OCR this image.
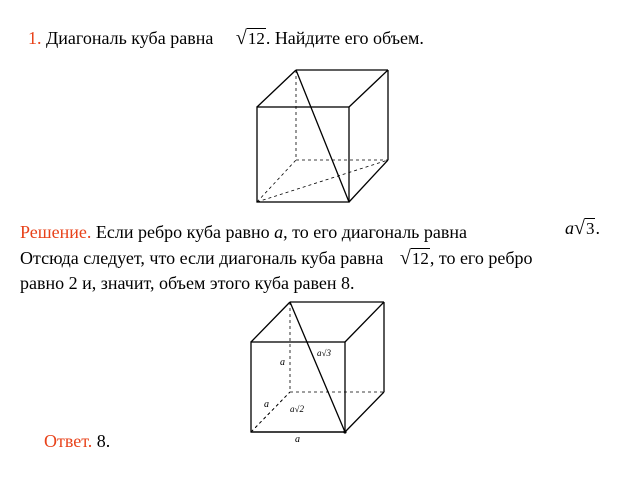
1. Диагональ куба равна √12. Найдите его объем.
a√3
a
a a√2
a
Решение. Если ребро куба равно a, то его диагональ равна	a√3.
Отсюда следует, что если диагональ куба равна √12, то его ребро
равно 2 и, значит, объем этого куба равен 8.
Ответ. 8.
